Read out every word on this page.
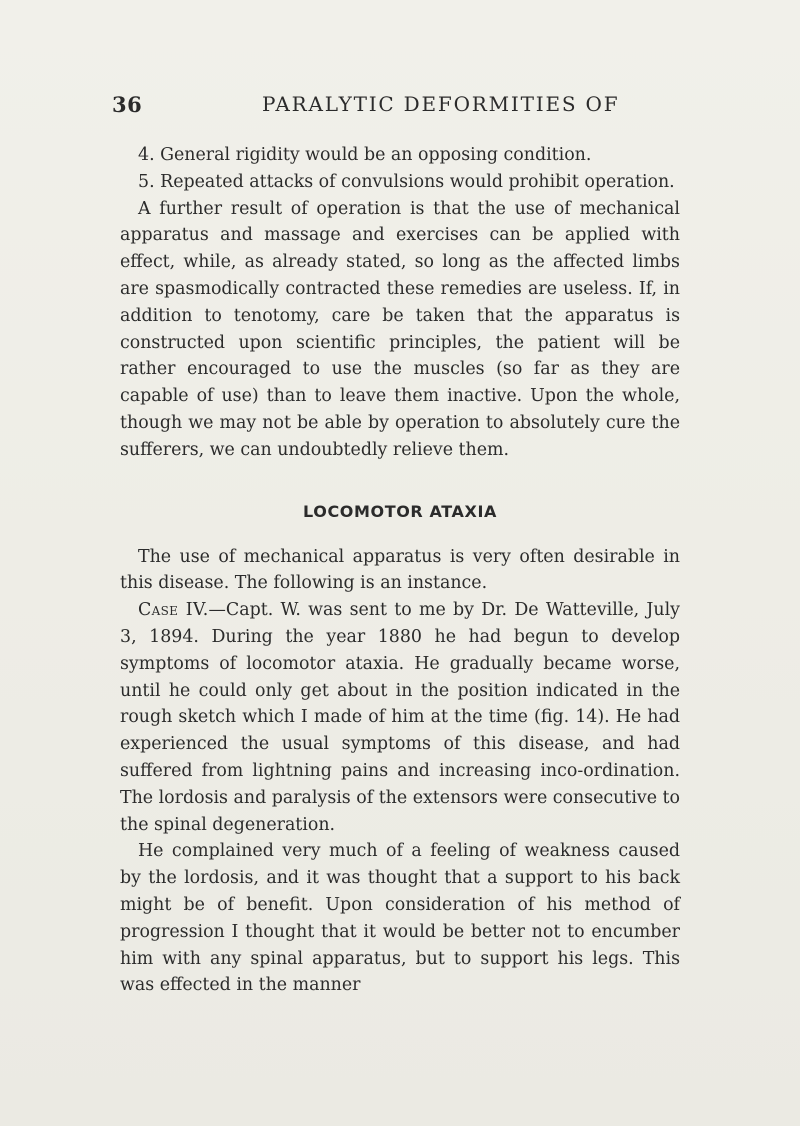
36	PARALYTIC DEFORMITIES OF

4. General rigidity would be an opposing condition.

5. Repeated attacks of convulsions would prohibit operation.

A further result of operation is that the use of mechanical apparatus and massage and exercises can be applied with effect, while, as already stated, so long as the affected limbs are spasmodically contracted these remedies are useless. If, in addition to tenotomy, care be taken that the apparatus is constructed upon scientific principles, the patient will be rather encouraged to use the muscles (so far as they are capable of use) than to leave them inactive. Upon the whole, though we may not be able by operation to absolutely cure the sufferers, we can undoubtedly relieve them.

LOCOMOTOR ATAXIA

The use of mechanical apparatus is very often desirable in this disease. The following is an instance.

Case IV.—Capt. W. was sent to me by Dr. De Watteville, July 3, 1894. During the year 1880 he had begun to develop symptoms of locomotor ataxia. He gradually became worse, until he could only get about in the position indicated in the rough sketch which I made of him at the time (fig. 14). He had experienced the usual symptoms of this disease, and had suffered from lightning pains and increasing inco-ordination. The lordosis and paralysis of the extensors were consecutive to the spinal degeneration.

He complained very much of a feeling of weakness caused by the lordosis, and it was thought that a support to his back might be of benefit. Upon consideration of his method of progression I thought that it would be better not to encumber him with any spinal apparatus, but to support his legs. This was effected in the manner
